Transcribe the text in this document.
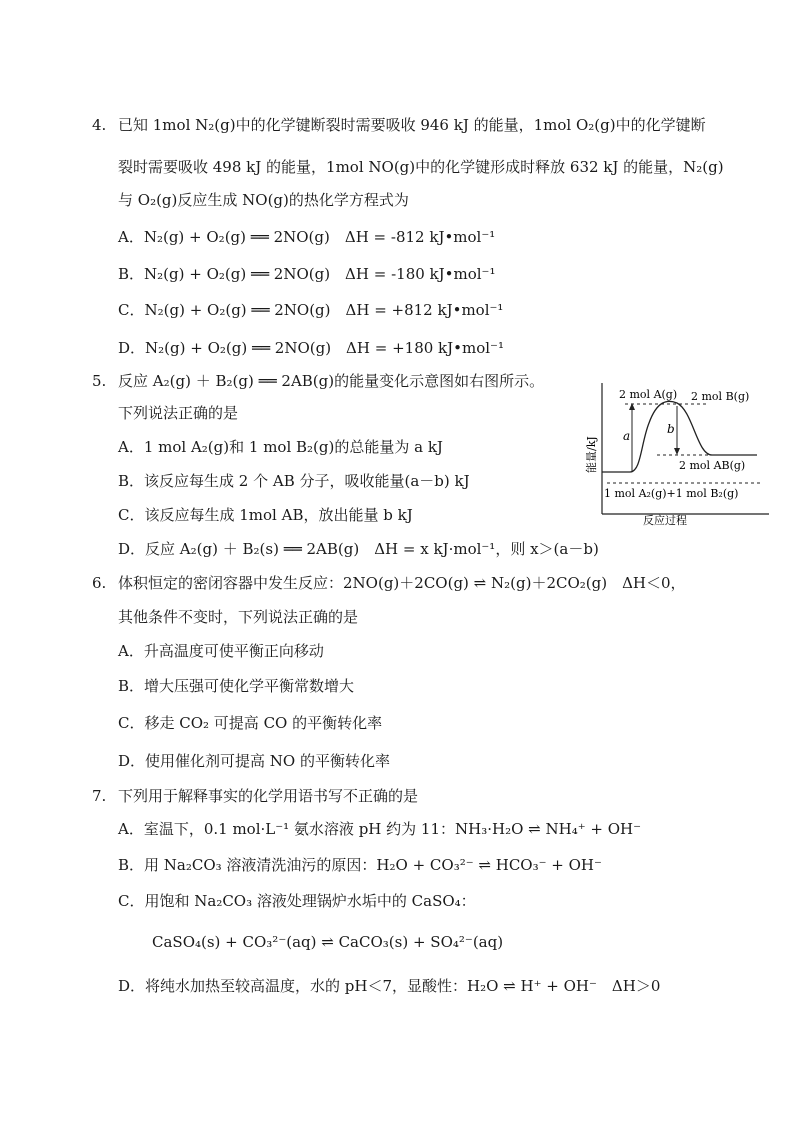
4. 已知 1mol N₂(g)中的化学键断裂时需要吸收 946 kJ 的能量，1mol O₂(g)中的化学键断
裂时需要吸收 498 kJ 的能量，1mol NO(g)中的化学键形成时释放 632 kJ 的能量，N₂(g)
与 O₂(g)反应生成 NO(g)的热化学方程式为
A．N₂(g) + O₂(g) ══ 2NO(g)　ΔH = -812 kJ•mol⁻¹
B．N₂(g) + O₂(g) ══ 2NO(g)　ΔH = -180 kJ•mol⁻¹
C．N₂(g) + O₂(g) ══ 2NO(g)　ΔH = +812 kJ•mol⁻¹
D．N₂(g) + O₂(g) ══ 2NO(g)　ΔH = +180 kJ•mol⁻¹
5. 反应 A₂(g) ＋ B₂(g) ══ 2AB(g)的能量变化示意图如右图所示。
下列说法正确的是
A．1 mol A₂(g)和 1 mol B₂(g)的总能量为 a kJ
B．该反应每生成 2 个 AB 分子，吸收能量(a－b) kJ
C．该反应每生成 1mol AB，放出能量 b kJ
D．反应 A₂(g) ＋ B₂(s) ══ 2AB(g)　ΔH = x kJ·mol⁻¹，则 x＞(a－b)
2 mol A(g) 2 mol B(g)
2 mol AB(g)
1 mol A₂(g)+1 mol B₂(g)
a	b
能量/kJ
反应过程
6. 体积恒定的密闭容器中发生反应：2NO(g)＋2CO(g) ⇌ N₂(g)＋2CO₂(g)　ΔH＜0，
其他条件不变时，下列说法正确的是
A．升高温度可使平衡正向移动
B．增大压强可使化学平衡常数增大
C．移走 CO₂ 可提高 CO 的平衡转化率
D．使用催化剂可提高 NO 的平衡转化率
7. 下列用于解释事实的化学用语书写不正确的是
A．室温下，0.1 mol·L⁻¹ 氨水溶液 pH 约为 11：NH₃·H₂O ⇌ NH₄⁺ + OH⁻
B．用 Na₂CO₃ 溶液清洗油污的原因：H₂O + CO₃²⁻ ⇌ HCO₃⁻ + OH⁻
C．用饱和 Na₂CO₃ 溶液处理锅炉水垢中的 CaSO₄：
CaSO₄(s) + CO₃²⁻(aq) ⇌ CaCO₃(s) + SO₄²⁻(aq)
D．将纯水加热至较高温度，水的 pH＜7，显酸性：H₂O ⇌ H⁺ + OH⁻　ΔH＞0
